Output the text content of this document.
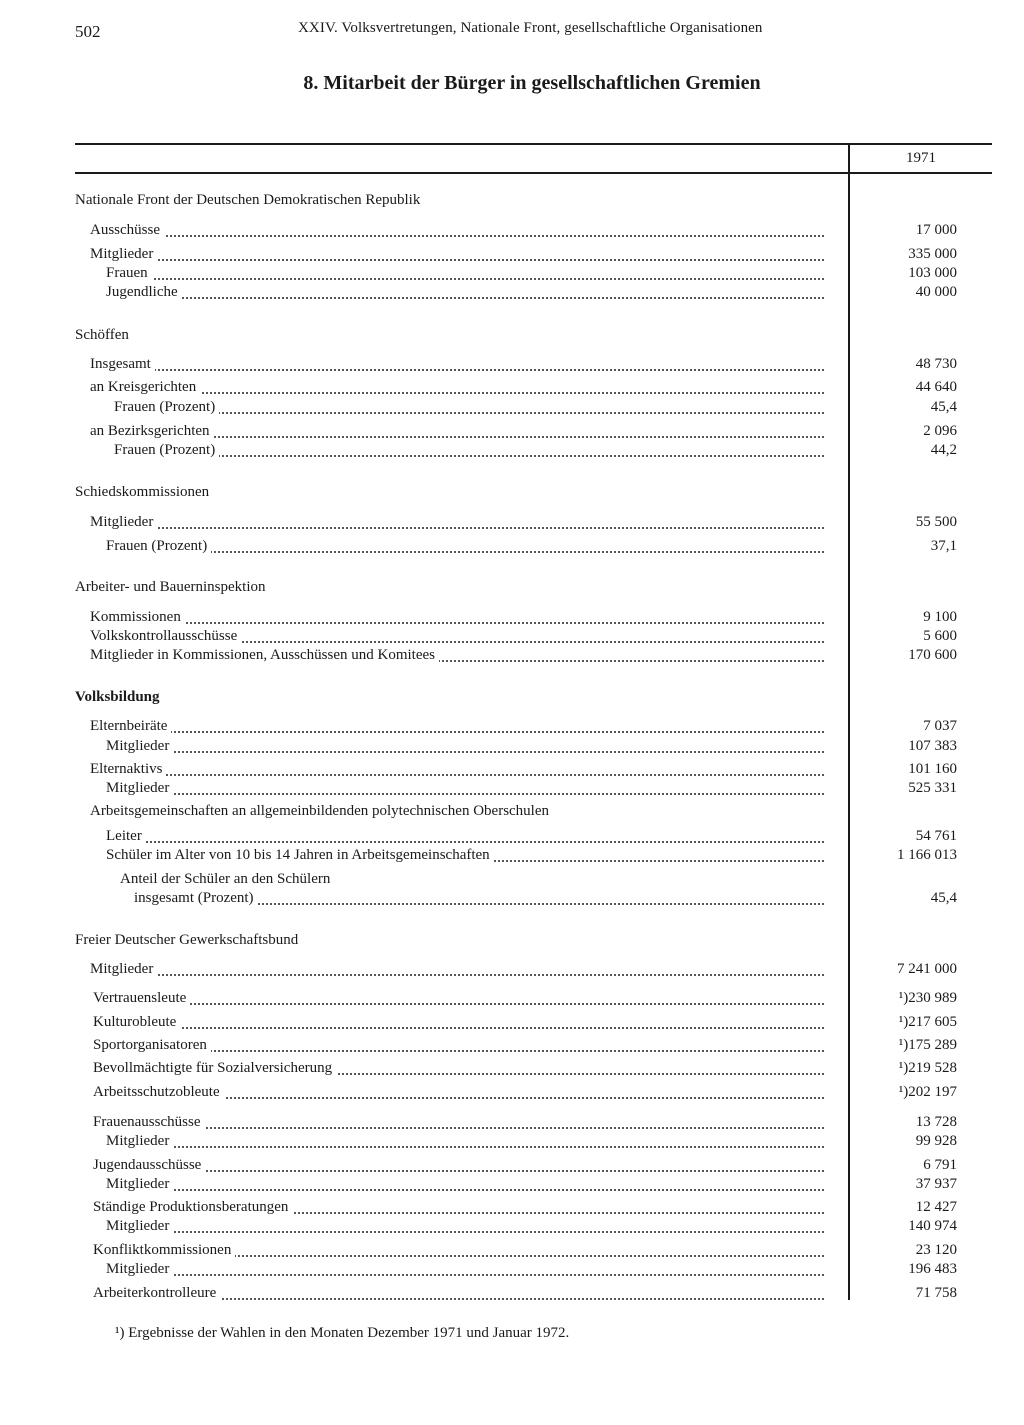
502	XXIV. Volksvertretungen, Nationale Front, gesellschaftliche Organisationen
8. Mitarbeit der Bürger in gesellschaftlichen Gremien
1971
Nationale Front der Deutschen Demokratischen Republik
Schöffen
Schiedskommissionen
Arbeiter- und Bauerninspektion
Volksbildung
Freier Deutscher Gewerkschaftsbund
Ausschüsse	17 000
Mitglieder	335 000
Frauen	103 000
Jugendliche	40 000
Insgesamt	48 730
an Kreisgerichten	44 640
Frauen (Prozent)	45,4
an Bezirksgerichten	2 096
Frauen (Prozent)	44,2
Mitglieder	55 500
Frauen (Prozent)	37,1
Kommissionen	9 100
Volkskontrollausschüsse	5 600
Mitglieder in Kommissionen, Ausschüssen und Komitees	170 600
Elternbeiräte	7 037
Mitglieder	107 383
Elternaktivs	101 160
Mitglieder	525 331
Arbeitsgemeinschaften an allgemeinbildenden polytechnischen Oberschulen
Leiter	54 761
Schüler im Alter von 10 bis 14 Jahren in Arbeitsgemeinschaften	1 166 013
Anteil der Schüler an den Schülern
insgesamt (Prozent)	45,4
Mitglieder	7 241 000
Vertrauensleute	¹)230 989
Kulturobleute	¹)217 605
Sportorganisatoren	¹)175 289
Bevollmächtigte für Sozialversicherung	¹)219 528
Arbeitsschutzobleute	¹)202 197
Frauenausschüsse	13 728
Mitglieder	99 928
Jugendausschüsse	6 791
Mitglieder	37 937
Ständige Produktionsberatungen	12 427
Mitglieder	140 974
Konfliktkommissionen	23 120
Mitglieder	196 483
Arbeiterkontrolleure	71 758
¹) Ergebnisse der Wahlen in den Monaten Dezember 1971 und Januar 1972.
